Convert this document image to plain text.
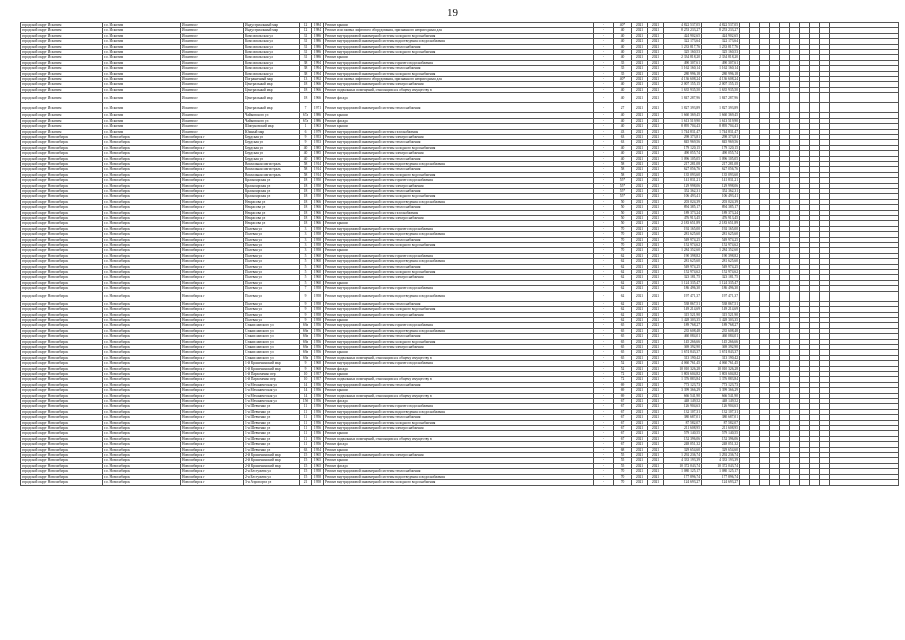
19
городской округ Искитим	г.о. Искитим	Искитим г	Индустриальный мкр	12	1984	Ремонт крыши	-	40*	2021	2021	4 822 537,05	4 822 537,05										
городской округ Искитим	г.о. Искитим	Искитим г	Индустриальный мкр	12	1984	Ремонт или замена лифтового оборудования, признанного непригодным для	-	40	2021	2021	8 253 233,27	8 253 233,27										
городской округ Искитим	г.о. Искитим	Искитим г	Комсомольская ул	31	1986	Ремонт внутридомовой инженерной системы холодного водоснабжения	-	40	2021	2021	424 902,65	424 902,65										
городской округ Искитим	г.о. Искитим	Искитим г	Комсомольская ул	31	1986	Ремонт внутридомовой инженерной системы водоотведения и водоснабжения	-	40	2021	2021	322 173,64	322 173,64										
городской округ Искитим	г.о. Искитим	Искитим г	Комсомольская ул	31	1986	Ремонт внутридомовой инженерной системы теплоснабжения	-	40	2021	2021	1 233 817,76	1 233 817,76										
городской округ Искитим	г.о. Искитим	Искитим г	Комсомольская ул	31	1986	Ремонт внутридомовой инженерной системы холодного водоснабжения	-	40	2021	2021	325 160,53	325 160,53										
городской округ Искитим	г.о. Искитим	Искитим г	Комсомольская ул	31	1986	Ремонт крыши	-	40	2021	2021	2 334 818,20	2 334 818,20										
городской округ Искитим	г.о. Искитим	Искитим г	Комсомольская ул	38	1994	Ремонт внутридомовой инженерной системы горячего водоснабжения	-	35	2021	2021	490 307,61	490 307,61										
городской округ Искитим	г.о. Искитим	Искитим г	Комсомольская ул	38	1994	Ремонт внутридомовой инженерной системы теплоснабжения	-	35	2021	2021	1 162 160,14	1 162 160,14										
городской округ Искитим	г.о. Искитим	Искитим г	Комсомольская ул	38	1994	Ремонт внутридомовой инженерной системы холодного водоснабжения	-	35	2021	2021	280 996,18	280 996,18										
городской округ Искитим	г.о. Искитим	Искитим г	Пограничный мкр	13	1992	Ремонт или замена лифтового оборудования, признанного непригодным для	-	40*	2021	2021	4 136 608,24	4 136 608,24										
городской округ Искитим	г.о. Искитим	Искитим г	Центральный мкр	18	1966	Ремонт внутридомовой инженерной системы электроснабжения	-	40	2021	2021	2 007 155,15	2 007 155,15										
городской округ Искитим	г.о. Искитим	Искитим г	Центральный мкр	18	1966	Ремонт подвальных помещений, относящихся к общему имуществу в	-	40	2021	2021	1 635 935,50	1 635 935,50										
городской округ Искитим	г.о. Искитим	Искитим г	Центральный мкр	18	1966	Ремонт фасада	-	40	2021	2021	1 847 287,96	1 847 287,96										
городской округ Искитим	г.о. Искитим	Искитим г	Центральный мкр	7	1971	Ремонт внутридомовой инженерной системы теплоснабжения	-	27	2021	2021	1 827 393,89	1 827 393,89										
городской округ Искитим	г.о. Искитим	Искитим г	Чайковского ул	67а	1986	Ремонт крыши	-	40	2021	2021	1 660 369,45	1 660 369,45										
городской округ Искитим	г.о. Искитим	Искитим г	Чайковского ул	67а	1986	Ремонт фасада	-	40	2021	2021	1 613 519,90	1 613 519,90										
городской округ Искитим	г.о. Искитим	Искитим г	Шипуновский мкр	1	1963	Ремонт крыши	-	40	2021	2021	8 895 704,43	8 895 704,43										
городской округ Искитим	г.о. Искитим	Искитим г	Южный мкр	6	1979	Ремонт внутридомовой инженерной системы газоснабжения	-	43	2021	2021	1 744 831,47	1 744 831,47										
городской округ Новосибирск	г.о. Новосибирск	Новосибирск г	Бердская ул	9	1953	Ремонт внутридомовой инженерной системы электроснабжения	-	63	2021	2021	298 373,81	298 373,81										
городской округ Новосибирск	г.о. Новосибирск	Новосибирск г	Бердская ул	9	1953	Ремонт внутридомовой инженерной системы теплоснабжения	-	63	2021	2021	845 969,56	845 969,56										
городской округ Новосибирск	г.о. Новосибирск	Новосибирск г	Бердская ул	40	1985	Ремонт внутридомовой инженерной системы холодного водоснабжения	-	40	2021	2021	179 120,15	179 120,15										
городской округ Новосибирск	г.о. Новосибирск	Новосибирск г	Бердская ул	40	1985	Ремонт внутридомовой инженерной системы электроснабжения	-	40	2021	2021	490 055,74	490 055,74										
городской округ Новосибирск	г.о. Новосибирск	Новосибирск г	Бердская ул	40	1985	Ремонт внутридомовой инженерной системы теплоснабжения	-	40	2021	2021	1 096 105,05	1 096 105,05										
городской округ Новосибирск	г.о. Новосибирск	Новосибирск г	Вокзальная магистраль	58	1914	Ремонт внутридомовой инженерной системы водоотведения и водоснабжения	-	58	2021	2021	217 281,08	217 281,08										
городской округ Новосибирск	г.о. Новосибирск	Новосибирск г	Вокзальная магистраль	58	1914	Ремонт внутридомовой инженерной системы теплоснабжения	-	58	2021	2021	627 056,76	627 056,76										
городской округ Новосибирск	г.о. Новосибирск	Новосибирск г	Вокзальная магистраль	58	1914	Ремонт внутридомовой инженерной системы холодного водоснабжения	-	58	2021	2021	135 093,60	135 093,60										
городской округ Новосибирск	г.о. Новосибирск	Новосибирск г	Красноярская ул	18	1950	Ремонт внутридомовой инженерной системы горячего водоснабжения	-	55*	2021	2021	141 831,21	141 831,21										
городской округ Новосибирск	г.о. Новосибирск	Новосибирск г	Красноярская ул	18	1950	Ремонт внутридомовой инженерной системы электроснабжения	-	55*	2021	2021	129 998,06	129 998,06										
городской округ Новосибирск	г.о. Новосибирск	Новосибирск г	Красноярская ул	18	1950	Ремонт внутридомовой инженерной системы теплоснабжения	-	55*	2021	2021	352 362,31	352 362,31										
городской округ Новосибирск	г.о. Новосибирск	Новосибирск г	Красноярская ул	18	1950	Ремонт внутридомовой инженерной системы холодного водоснабжения	-	55*	2021	2021	106 493,41	106 493,41										
городской округ Новосибирск	г.о. Новосибирск	Новосибирск г	Некрасова ул	18	1966	Ремонт внутридомовой инженерной системы водоотведения и водоснабжения	-	50	2021	2021	203 024,39	203 024,39										
городской округ Новосибирск	г.о. Новосибирск	Новосибирск г	Некрасова ул	18	1966	Ремонт внутридомовой инженерной системы теплоснабжения	-	50	2021	2021	894 385,17	894 385,17										
городской округ Новосибирск	г.о. Новосибирск	Новосибирск г	Некрасова ул	18	1966	Ремонт внутридомовой инженерной системы газоснабжения	-	50	2021	2021	189 373,24	189 373,24										
городской округ Новосибирск	г.о. Новосибирск	Новосибирск г	Некрасова ул	18	1966	Ремонт внутридомовой инженерной системы электроснабжения	-	50	2021	2021	476 913,45	476 913,45										
городской округ Новосибирск	г.о. Новосибирск	Новосибирск г	Некрасова ул	18	1966	Ремонт крыши	-	50	2021	2021	2 183 651,89	2 183 651,89										
городской округ Новосибирск	г.о. Новосибирск	Новосибирск г	Полевая ул	3	1958	Ремонт внутридомовой инженерной системы горячего водоснабжения	-	70	2021	2021	192 165,00	192 165,00										
городской округ Новосибирск	г.о. Новосибирск	Новосибирск г	Полевая ул	3	1958	Ремонт внутридомовой инженерной системы водоотведения и водоснабжения	-	70	2021	2021	281 625,60	281 625,60										
городской округ Новосибирск	г.о. Новосибирск	Новосибирск г	Полевая ул	3	1958	Ремонт внутридомовой инженерной системы теплоснабжения	-	70	2021	2021	549 974,25	549 974,25										
городской округ Новосибирск	г.о. Новосибирск	Новосибирск г	Полевая ул	3	1958	Ремонт внутридомовой инженерной системы холодного водоснабжения	-	70	2021	2021	152 974,62	152 974,62										
городской округ Новосибирск	г.о. Новосибирск	Новосибирск г	Полевая ул	3	1958	Ремонт крыши	-	70	2021	2021	1 284 352,60	1 284 352,60										
городской округ Новосибирск	г.о. Новосибирск	Новосибирск г	Полевая ул	5	1960	Ремонт внутридомовой инженерной системы горячего водоснабжения	-	62	2021	2021	190 398,82	190 398,82										
городской округ Новосибирск	г.о. Новосибирск	Новосибирск г	Полевая ул	5	1960	Ремонт внутридомовой инженерной системы водоотведения и водоснабжения	-	62	2021	2021	281 625,60	281 625,60										
городской округ Новосибирск	г.о. Новосибирск	Новосибирск г	Полевая ул	5	1960	Ремонт внутридомовой инженерной системы теплоснабжения	-	62	2021	2021	549 974,25	549 974,25										
городской округ Новосибирск	г.о. Новосибирск	Новосибирск г	Полевая ул	5	1960	Ремонт внутридомовой инженерной системы холодного водоснабжения	-	62	2021	2021	152 974,62	152 974,62										
городской округ Новосибирск	г.о. Новосибирск	Новосибирск г	Полевая ул	5	1960	Ремонт внутридомовой инженерной системы электроснабжения	-	62	2021	2021	323 181,75	323 181,75										
городской округ Новосибирск	г.о. Новосибирск	Новосибирск г	Полевая ул	5	1960	Ремонт крыши	-	62	2021	2021	1 124 335,47	1 124 335,47										
городской округ Новосибирск	г.о. Новосибирск	Новосибирск г	Полевая ул	7	1958	Ремонт внутридомовой инженерной системы горячего водоснабжения	-	62	2021	2021	186 496,30	186 496,30										
городской округ Новосибирск	г.о. Новосибирск	Новосибирск г	Полевая ул	9	1958	Ремонт внутридомовой инженерной системы водоотведения и водоснабжения	-	62	2021	2021	197 471,37	197 471,37										
городской округ Новосибирск	г.о. Новосибирск	Новосибирск г	Полевая ул	9	1958	Ремонт внутридомовой инженерной системы теплоснабжения	-	62	2021	2021	538 867,51	538 867,51										
городской округ Новосибирск	г.о. Новосибирск	Новосибирск г	Полевая ул	9	1958	Ремонт внутридомовой инженерной системы холодного водоснабжения	-	62	2021	2021	149 214,69	149 214,69										
городской округ Новосибирск	г.о. Новосибирск	Новосибирск г	Полевая ул	9	1958	Ремонт внутридомовой инженерной системы электроснабжения	-	62	2021	2021	315 521,90	315 521,90										
городской округ Новосибирск	г.о. Новосибирск	Новосибирск г	Полевая ул	9	1958	Ремонт крыши	-	62	2021	2021	1 428 303,35	1 428 303,35										
городской округ Новосибирск	г.о. Новосибирск	Новосибирск г	Станиславского ул	69а	1956	Ремонт внутридомовой инженерной системы горячего водоснабжения	-	65	2021	2021	189 768,27	189 768,27										
городской округ Новосибирск	г.о. Новосибирск	Новосибирск г	Станиславского ул	69а	1956	Ремонт внутридомовой инженерной системы водоотведения и водоснабжения	-	65	2021	2021	235 608,48	235 608,48										
городской округ Новосибирск	г.о. Новосибирск	Новосибирск г	Станиславского ул	69а	1956	Ремонт внутридомовой инженерной системы теплоснабжения	-	65	2021	2021	460 084,01	460 084,01										
городской округ Новосибирск	г.о. Новосибирск	Новосибирск г	Станиславского ул	69а	1956	Ремонт внутридомовой инженерной системы холодного водоснабжения	-	65	2021	2021	145 266,66	145 266,66										
городской округ Новосибирск	г.о. Новосибирск	Новосибирск г	Станиславского ул	69а	1956	Ремонт внутридомовой инженерной системы электроснабжения	-	65	2021	2021	369 392,90	369 392,90										
городской округ Новосибирск	г.о. Новосибирск	Новосибирск г	Станиславского ул	69а	1956	Ремонт крыши	-	65	2021	2021	1 674 843,37	1 674 843,37										
городской округ Новосибирск	г.о. Новосибирск	Новосибирск г	Станиславского ул	69а	1956	Ремонт подвальных помещений, относящихся к общему имуществу в	-	65	2021	2021	313 190,42	313 190,42										
городской округ Новосибирск	г.о. Новосибирск	Новосибирск г	1-й Крашенинский мкр	9	1968	Ремонт внутридомовой инженерной системы горячего водоснабжения	-	52	2021	2021	4 060 761,45	4 060 761,45										
городской округ Новосибирск	г.о. Новосибирск	Новосибирск г	1-й Крашенинский мкр	9	1968	Ремонт фасада	-	52	2021	2021	10 010 326,28	10 010 326,28										
городской округ Новосибирск	г.о. Новосибирск	Новосибирск г	1-й Пархоменко пер	10	1957	Ремонт крыши	-	72	2021	2021	1 803 604,82	1 803 604,82										
городской округ Новосибирск	г.о. Новосибирск	Новосибирск г	1-й Пархоменко пер	10	1957	Ремонт подвальных помещений, относящихся к общему имуществу в	-	72	2021	2021	1 376 883,84	1 376 883,84										
городской округ Новосибирск	г.о. Новосибирск	Новосибирск г	1-я Механическая ул	14	1956	Ремонт внутридомовой инженерной системы теплоснабжения	-	69	2021	2021	773 123,73	773 123,73										
городской округ Новосибирск	г.о. Новосибирск	Новосибирск г	1-я Механическая ул	14	1956	Ремонт крыши	-	69	2021	2021	3 399 366,29	3 399 366,29										
городской округ Новосибирск	г.о. Новосибирск	Новосибирск г	1-я Механическая ул	14	1956	Ремонт подвальных помещений, относящихся к общему имуществу в	-	69	2021	2021	666 541,90	666 541,90										
городской округ Новосибирск	г.о. Новосибирск	Новосибирск г	1-я Механическая ул	15б	1956	Ремонт фасада	-	67	2021	2021	448 149,52	448 149,52										
городской округ Новосибирск	г.о. Новосибирск	Новосибирск г	1-я Шевченко ул	11	1956	Ремонт внутридомовой инженерной системы горячего водоснабжения	-	67	2021	2021	126 904,63	126 904,63										
городской округ Новосибирск	г.о. Новосибирск	Новосибирск г	1-я Шевченко ул	11	1956	Ремонт внутридомовой инженерной системы водоотведения и водоснабжения	-	67	2021	2021	132 107,31	132 107,31										
городской округ Новосибирск	г.о. Новосибирск	Новосибирск г	1-я Шевченко ул	11	1956	Ремонт внутридомовой инженерной системы теплоснабжения	-	67	2021	2021	380 687,01	380 687,01										
городской округ Новосибирск	г.о. Новосибирск	Новосибирск г	1-я Шевченко ул	11	1956	Ремонт внутридомовой инженерной системы холодного водоснабжения	-	67	2021	2021	87 582,07	87 582,07										
городской округ Новосибирск	г.о. Новосибирск	Новосибирск г	1-я Шевченко ул	11	1956	Ремонт внутридомовой инженерной системы электроснабжения	-	67	2021	2021	211 608,95	211 608,95										
городской округ Новосибирск	г.о. Новосибирск	Новосибирск г	1-я Шевченко ул	11	1956	Ремонт крыши	-	67	2021	2021	579 140,55	579 140,55										
городской округ Новосибирск	г.о. Новосибирск	Новосибирск г	1-я Шевченко ул	11	1956	Ремонт подвальных помещений, относящихся к общему имуществу в	-	67	2021	2021	152 396,06	152 396,06										
городской округ Новосибирск	г.о. Новосибирск	Новосибирск г	1-я Шевченко ул	11	1956	Ремонт фасада	-	67	2021	2021	248 051,32	248 051,32										
городской округ Новосибирск	г.о. Новосибирск	Новосибирск г	1-я Шевченко ул	63	1954	Ремонт крыши	-	68	2021	2021	329 654,60	329 654,60										
городской округ Новосибирск	г.о. Новосибирск	Новосибирск г	2-й Крашенинский мкр	15	1965	Ремонт внутридомовой инженерной системы электроснабжения	-	55	2021	2021	1 292 236,74	1 292 236,74										
городской округ Новосибирск	г.о. Новосибирск	Новосибирск г	2-й Крашенинский мкр	15	1965	Ремонт крыши	-	55	2021	2021	4 333 193,39	4 333 193,39										
городской округ Новосибирск	г.о. Новосибирск	Новосибирск г	2-й Крашенинский мкр	15	1965	Ремонт фасада	-	55	2021	2021	10 372 043,74	10 372 043,74										
городской округ Новосибирск	г.о. Новосибирск	Новосибирск г	2-я Бестужева ул	15	1958	Ремонт внутридомовой инженерной системы теплоснабжения	-	70	2021	2021	1 080 125,17	1 080 125,17										
городской округ Новосибирск	г.о. Новосибирск	Новосибирск г	2-я Бестужева ул	15	1958	Ремонт внутридомовой инженерной системы водоотведения и водоснабжения	-	70	2021	2021	177 896,74	177 896,74										
городской округ Новосибирск	г.о. Новосибирск	Новосибирск г	3-я Аэропорта ул	21	1958	Ремонт внутридомовой инженерной системы холодного водоснабжения	-	70	2021	2021	124 693,27	124 693,27										
